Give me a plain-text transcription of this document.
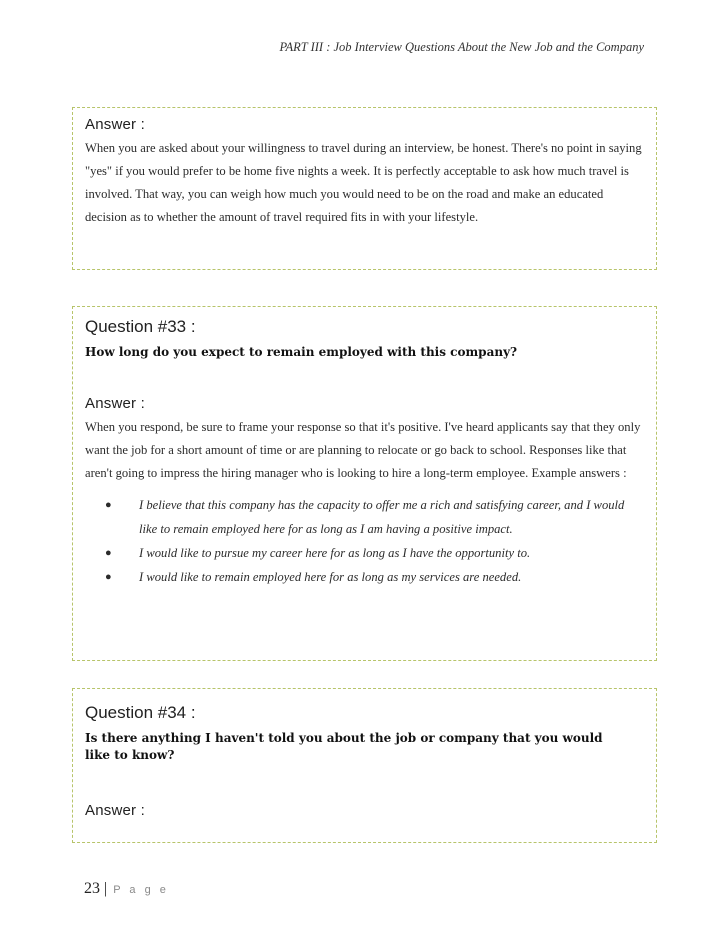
PART III : Job Interview Questions About the New Job and the Company
Answer :
When you are asked about your willingness to travel during an interview, be honest. There's no point in saying "yes" if you would prefer to be home five nights a week. It is perfectly acceptable to ask how much travel is involved. That way, you can weigh how much you would need to be on the road and make an educated decision as to whether the amount of travel required fits in with your lifestyle.
Question #33 :
How long do you expect to remain employed with this company?
Answer :
When you respond, be sure to frame your response so that it's positive. I've heard applicants say that they only want the job for a short amount of time or are planning to relocate or go back to school. Responses like that aren't going to impress the hiring manager who is looking to hire a long-term employee. Example answers :
● I believe that this company has the capacity to offer me a rich and satisfying career, and I would like to remain employed here for as long as I am having a positive impact.
● I would like to pursue my career here for as long as I have the opportunity to.
● I would like to remain employed here for as long as my services are needed.
Question #34 :
Is there anything I haven't told you about the job or company that you would like to know?
Answer :
23 | P a g e
